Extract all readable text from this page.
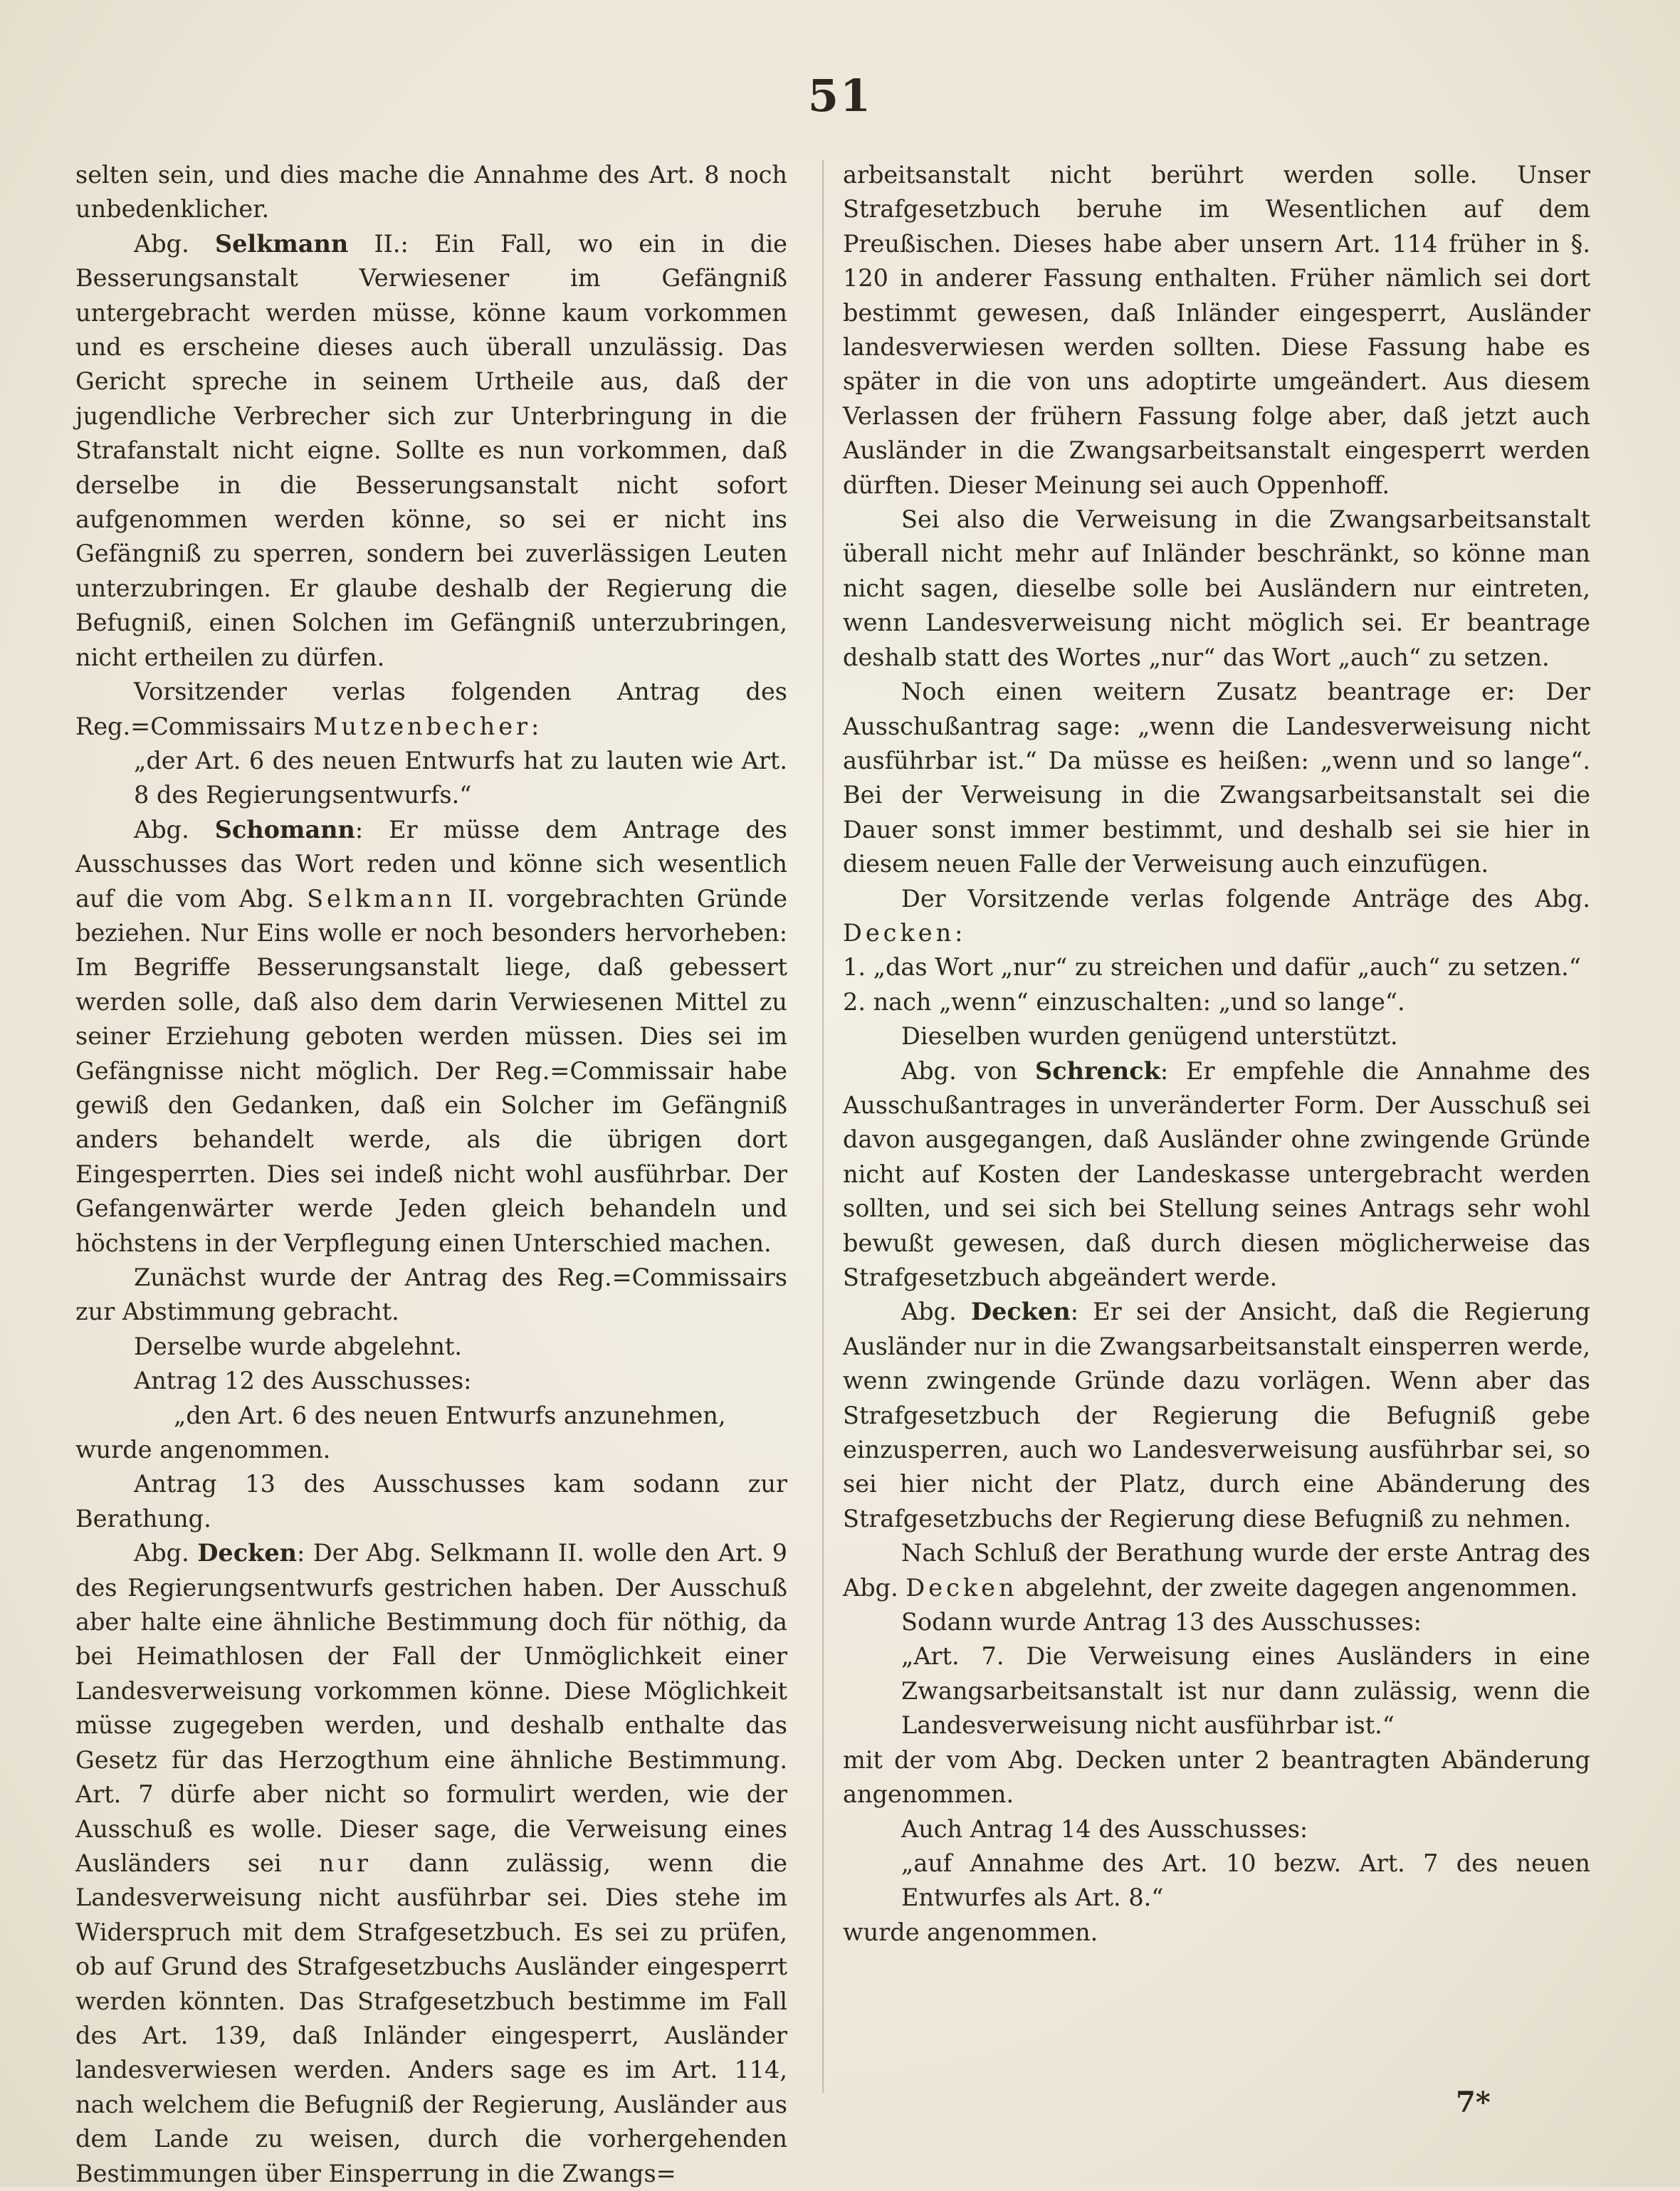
51

selten sein, und dies mache die Annahme des Art. 8 noch unbedenklicher.

Abg. Selkmann II.: Ein Fall, wo ein in die Besserungsanstalt Verwiesener im Gefängniß untergebracht werden müsse, könne kaum vorkommen und es erscheine dieses auch überall unzulässig. Das Gericht spreche in seinem Urtheile aus, daß der jugendliche Verbrecher sich zur Unterbringung in die Strafanstalt nicht eigne. Sollte es nun vorkommen, daß derselbe in die Besserungsanstalt nicht sofort aufgenommen werden könne, so sei er nicht ins Gefängniß zu sperren, sondern bei zuverlässigen Leuten unterzubringen. Er glaube deshalb der Regierung die Befugniß, einen Solchen im Gefängniß unterzubringen, nicht ertheilen zu dürfen.

Vorsitzender verlas folgenden Antrag des Reg.=Commissairs Mutzenbecher:

„der Art. 6 des neuen Entwurfs hat zu lauten wie Art. 8 des Regierungsentwurfs.“

Abg. Schomann: Er müsse dem Antrage des Ausschusses das Wort reden und könne sich wesentlich auf die vom Abg. Selkmann II. vorgebrachten Gründe beziehen. Nur Eins wolle er noch besonders hervorheben: Im Begriffe Besserungsanstalt liege, daß gebessert werden solle, daß also dem darin Verwiesenen Mittel zu seiner Erziehung geboten werden müssen. Dies sei im Gefängnisse nicht möglich. Der Reg.=Commissair habe gewiß den Gedanken, daß ein Solcher im Gefängniß anders behandelt werde, als die übrigen dort Eingesperrten. Dies sei indeß nicht wohl ausführbar. Der Gefangenwärter werde Jeden gleich behandeln und höchstens in der Verpflegung einen Unterschied machen.

Zunächst wurde der Antrag des Reg.=Commissairs zur Abstimmung gebracht.

Derselbe wurde abgelehnt.

Antrag 12 des Ausschusses:

„den Art. 6 des neuen Entwurfs anzunehmen,

wurde angenommen.

Antrag 13 des Ausschusses kam sodann zur Berathung.

Abg. Decken: Der Abg. Selkmann II. wolle den Art. 9 des Regierungsentwurfs gestrichen haben. Der Ausschuß aber halte eine ähnliche Bestimmung doch für nöthig, da bei Heimathlosen der Fall der Unmöglichkeit einer Landesverweisung vorkommen könne. Diese Möglichkeit müsse zugegeben werden, und deshalb enthalte das Gesetz für das Herzogthum eine ähnliche Bestimmung. Art. 7 dürfe aber nicht so formulirt werden, wie der Ausschuß es wolle. Dieser sage, die Verweisung eines Ausländers sei nur dann zulässig, wenn die Landesverweisung nicht ausführbar sei. Dies stehe im Widerspruch mit dem Strafgesetzbuch. Es sei zu prüfen, ob auf Grund des Strafgesetzbuchs Ausländer eingesperrt werden könnten. Das Strafgesetzbuch bestimme im Fall des Art. 139, daß Inländer eingesperrt, Ausländer landesverwiesen werden. Anders sage es im Art. 114, nach welchem die Befugniß der Regierung, Ausländer aus dem Lande zu weisen, durch die vorhergehenden Bestimmungen über Einsperrung in die Zwangs=

arbeitsanstalt nicht berührt werden solle. Unser Strafgesetzbuch beruhe im Wesentlichen auf dem Preußischen. Dieses habe aber unsern Art. 114 früher in §. 120 in anderer Fassung enthalten. Früher nämlich sei dort bestimmt gewesen, daß Inländer eingesperrt, Ausländer landesverwiesen werden sollten. Diese Fassung habe es später in die von uns adoptirte umgeändert. Aus diesem Verlassen der frühern Fassung folge aber, daß jetzt auch Ausländer in die Zwangsarbeitsanstalt eingesperrt werden dürften. Dieser Meinung sei auch Oppenhoff.

Sei also die Verweisung in die Zwangsarbeitsanstalt überall nicht mehr auf Inländer beschränkt, so könne man nicht sagen, dieselbe solle bei Ausländern nur eintreten, wenn Landesverweisung nicht möglich sei. Er beantrage deshalb statt des Wortes „nur“ das Wort „auch“ zu setzen.

Noch einen weitern Zusatz beantrage er: Der Ausschußantrag sage: „wenn die Landesverweisung nicht ausführbar ist.“ Da müsse es heißen: „wenn und so lange“. Bei der Verweisung in die Zwangsarbeitsanstalt sei die Dauer sonst immer bestimmt, und deshalb sei sie hier in diesem neuen Falle der Verweisung auch einzufügen.

Der Vorsitzende verlas folgende Anträge des Abg. Decken:

1. „das Wort „nur“ zu streichen und dafür „auch“ zu setzen.“

2. nach „wenn“ einzuschalten: „und so lange“.

Dieselben wurden genügend unterstützt.

Abg. von Schrenck: Er empfehle die Annahme des Ausschußantrages in unveränderter Form. Der Ausschuß sei davon ausgegangen, daß Ausländer ohne zwingende Gründe nicht auf Kosten der Landeskasse untergebracht werden sollten, und sei sich bei Stellung seines Antrags sehr wohl bewußt gewesen, daß durch diesen möglicherweise das Strafgesetzbuch abgeändert werde.

Abg. Decken: Er sei der Ansicht, daß die Regierung Ausländer nur in die Zwangsarbeitsanstalt einsperren werde, wenn zwingende Gründe dazu vorlägen. Wenn aber das Strafgesetzbuch der Regierung die Befugniß gebe einzusperren, auch wo Landesverweisung ausführbar sei, so sei hier nicht der Platz, durch eine Abänderung des Strafgesetzbuchs der Regierung diese Befugniß zu nehmen.

Nach Schluß der Berathung wurde der erste Antrag des Abg. Decken abgelehnt, der zweite dagegen angenommen.

Sodann wurde Antrag 13 des Ausschusses:

„Art. 7. Die Verweisung eines Ausländers in eine Zwangsarbeitsanstalt ist nur dann zulässig, wenn die Landesverweisung nicht ausführbar ist.“

mit der vom Abg. Decken unter 2 beantragten Abänderung angenommen.

Auch Antrag 14 des Ausschusses:

„auf Annahme des Art. 10 bezw. Art. 7 des neuen Entwurfes als Art. 8.“

wurde angenommen.

7*
